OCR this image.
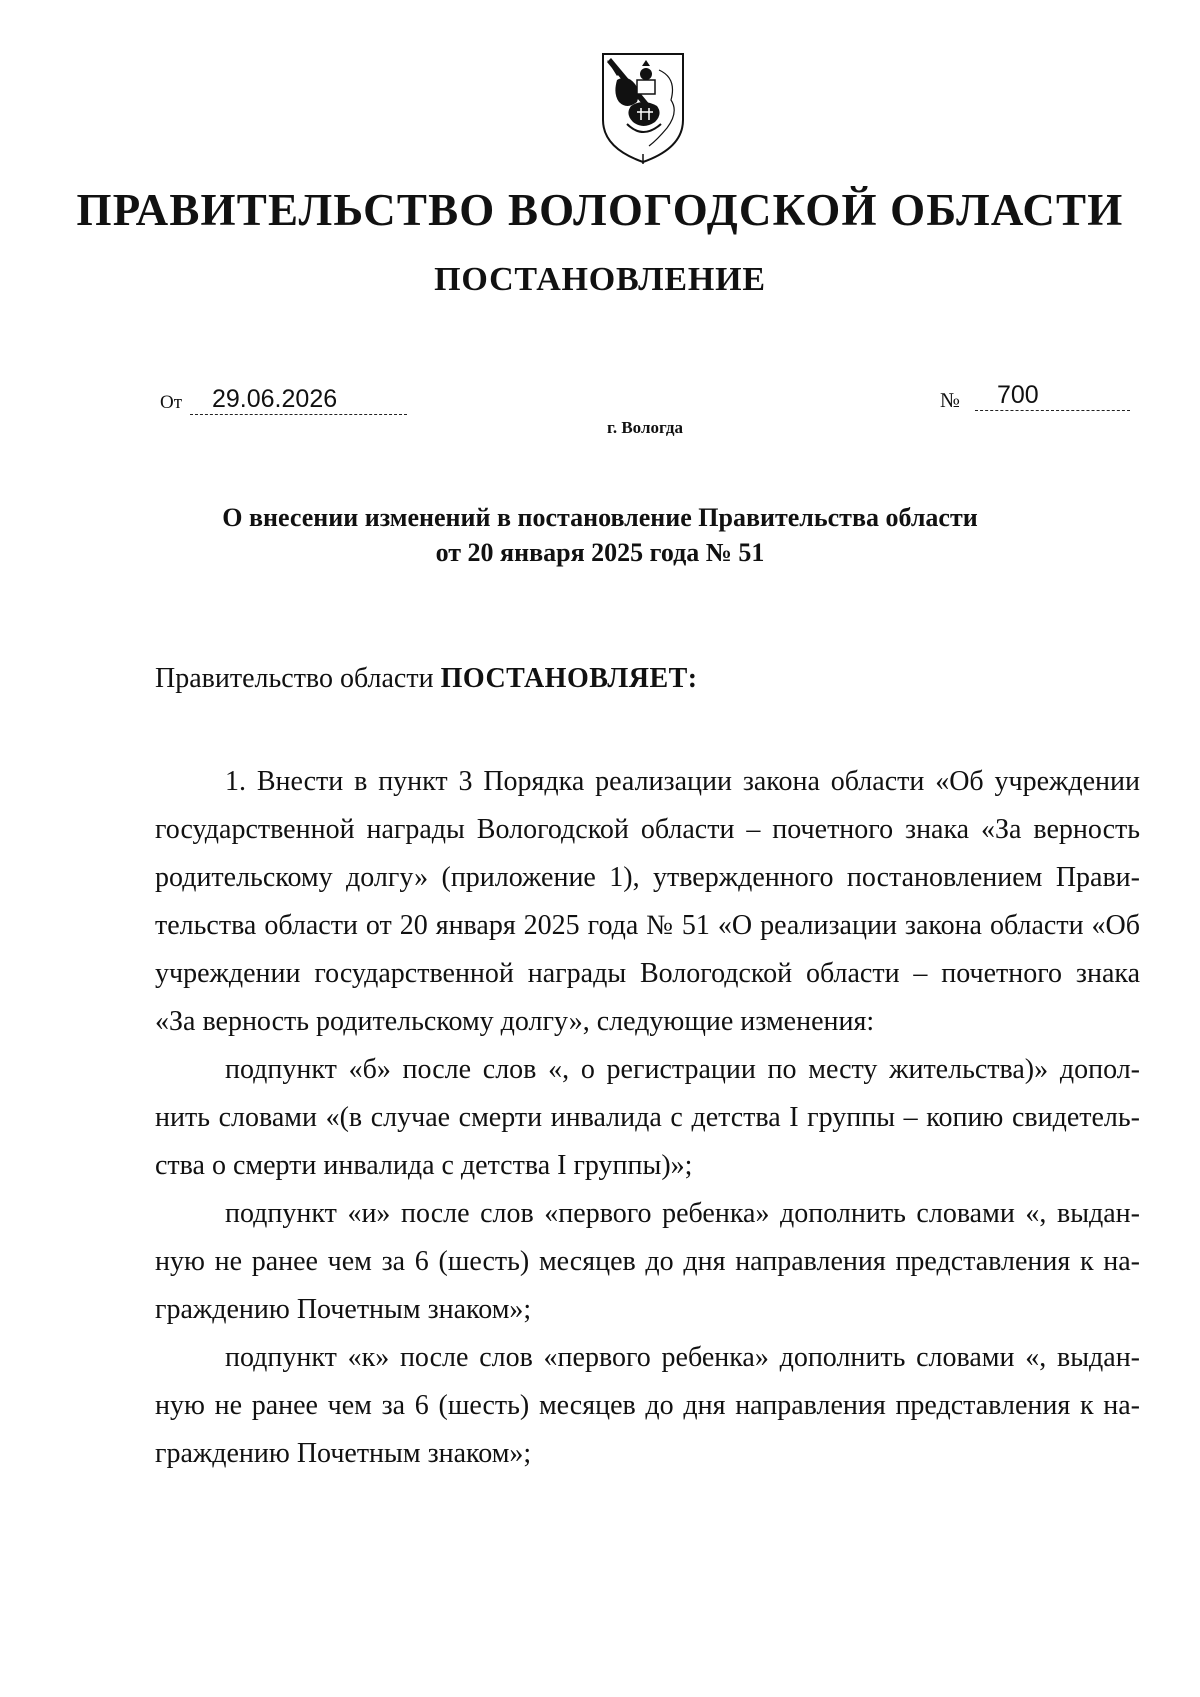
ПРАВИТЕЛЬСТВО ВОЛОГОДСКОЙ ОБЛАСТИ
ПОСТАНОВЛЕНИЕ
От	29.06.2026	№	700
г. Вологда
О внесении изменений в постановление Правительства области
от 20 января 2025 года № 51
Правительство области ПОСТАНОВЛЯЕТ:

1. Внести в пункт 3 Порядка реализации закона области «Об учреждении

государственной награды Вологодской области – почетного знака «За верность

родительскому долгу» (приложение 1), утвержденного постановлением Прави-

тельства области от 20 января 2025 года № 51 «О реализации закона области «Об

учреждении государственной награды Вологодской области – почетного знака

«За верность родительскому долгу», следующие изменения:

подпункт «б» после слов «, о регистрации по месту жительства)» допол-

нить словами «(в случае смерти инвалида с детства I группы – копию свидетель-

ства о смерти инвалида с детства I группы)»;

подпункт «и» после слов «первого ребенка» дополнить словами «, выдан-

ную не ранее чем за 6 (шесть) месяцев до дня направления представления к на-

граждению Почетным знаком»;

подпункт «к» после слов «первого ребенка» дополнить словами «, выдан-

ную не ранее чем за 6 (шесть) месяцев до дня направления представления к на-

граждению Почетным знаком»;
